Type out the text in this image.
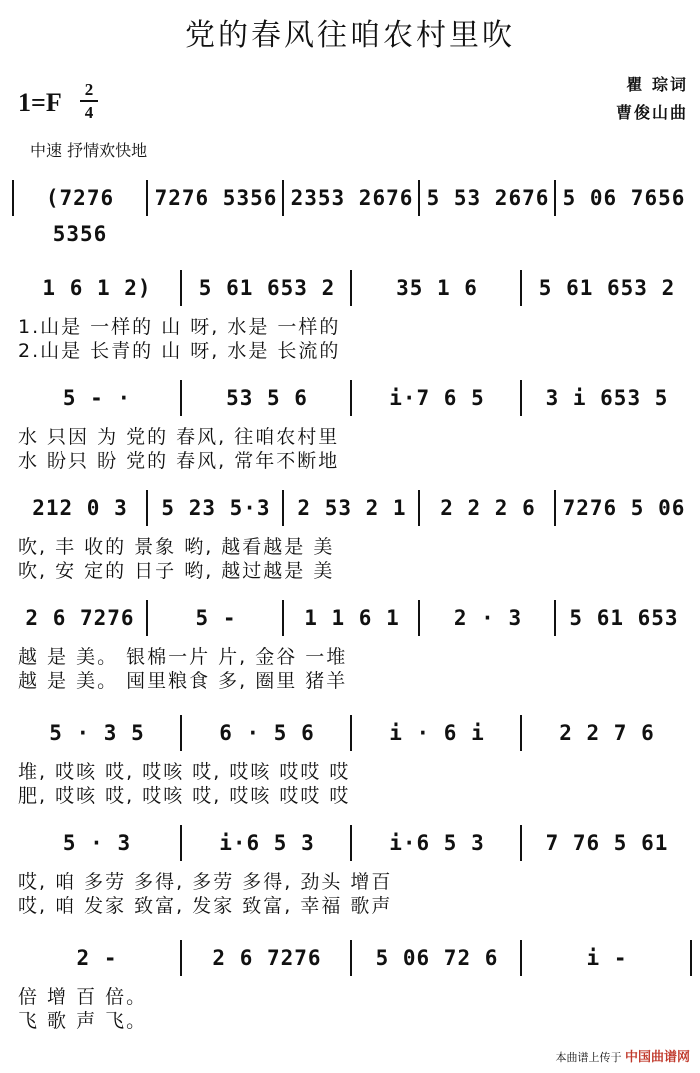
党的春风往咱农村里吹
1=F 2
4
瞿 琮词
曹俊山曲
中速 抒情欢快地
(7276 5356
7276 5356 2353 2676 5 53 2676 5 06 7656
1 6 1 2)	5 61 653 2	35 1 6	5 61 653 2
1.山是 一样的 山 呀, 水是 一样的
2.山是 长青的 山 呀, 水是 长流的
5 - ·	53 5 6	i·7 6 5	3 i 653 5
水 只因 为 党的 春风, 往咱农村里
水 盼只 盼 党的 春风, 常年不断地
212 0 3	5 23 5·3	2 53 2 1	2 2 2 6	7276 5 06
吹, 丰 收的 景象 哟, 越看越是 美
吹, 安 定的 日子 哟, 越过越是 美
2 6 7276	5 -	1 1 6 1	2 · 3	5 61 653
越 是 美。 银棉一片 片, 金谷 一堆
越 是 美。 囤里粮食 多, 圈里 猪羊
5 · 3 5	6 · 5 6	i · 6 i	2 2 7 6
堆, 哎咳 哎, 哎咳 哎, 哎咳 哎哎 哎
肥, 哎咳 哎, 哎咳 哎, 哎咳 哎哎 哎
5 · 3	i·6 5 3	i·6 5 3	7 76 5 61
哎, 咱 多劳 多得, 多劳 多得, 劲头 增百
哎, 咱 发家 致富, 发家 致富, 幸福 歌声
2 -	2 6 7276	5 06 72 6	i -
倍 增 百 倍。
飞 歌 声 飞。
本曲谱上传于 中国曲谱网
